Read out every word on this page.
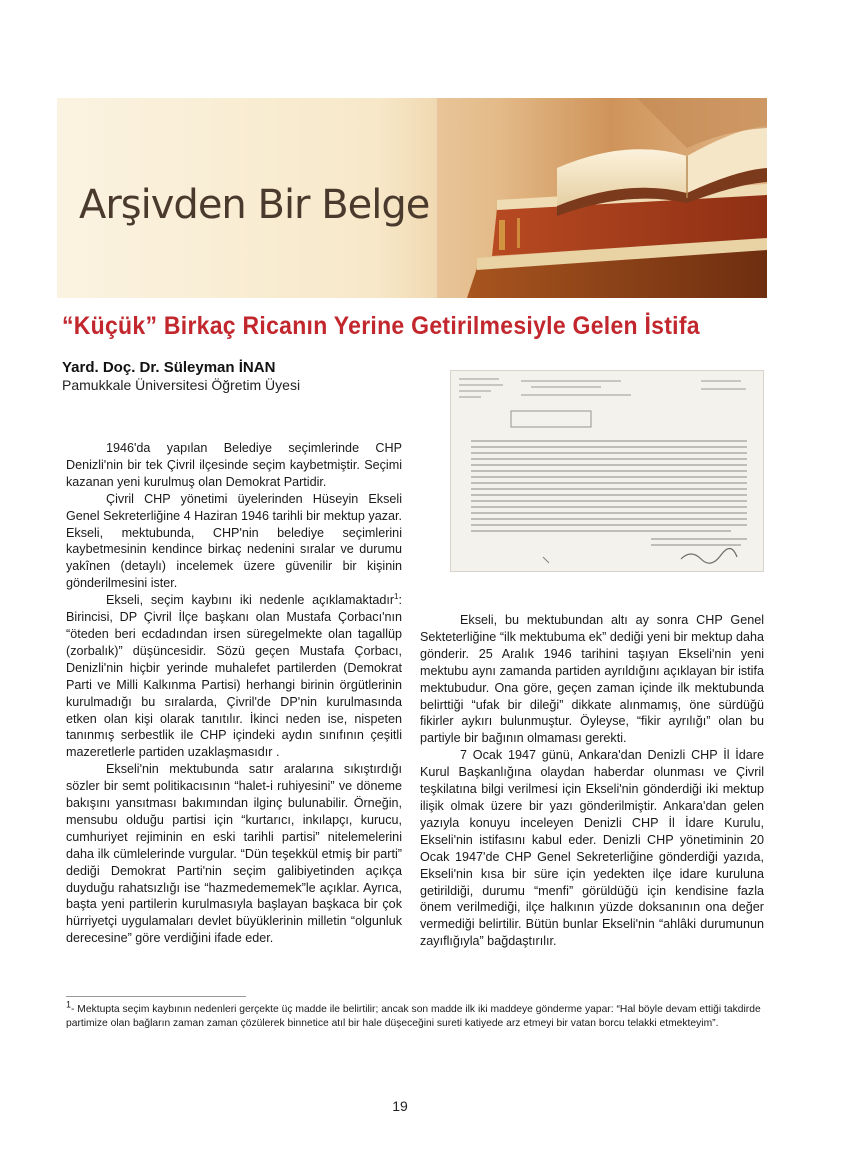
Arşivden Bir Belge
“Küçük” Birkaç Ricanın Yerine Getirilmesiyle Gelen İstifa
Yard. Doç. Dr. Süleyman İNAN
Pamukkale Üniversitesi Öğretim Üyesi

1946'da yapılan Belediye seçimlerinde CHP Denizli'nin bir tek Çivril ilçesinde seçim kaybetmiştir. Seçimi kazanan yeni kurulmuş olan Demokrat Partidir.

Çivril CHP yönetimi üyelerinden Hüseyin Ekseli Genel Sekreterliğine 4 Haziran 1946 tarihli bir mektup yazar. Ekseli, mektubunda, CHP'nin belediye seçimlerini kaybetmesinin kendince birkaç nedenini sıralar ve durumu yakînen (detaylı) incelemek üzere güvenilir bir kişinin gönderilmesini ister.

Ekseli, seçim kaybını iki nedenle açıklamaktadır$^1$: Birincisi, DP Çivril İlçe başkanı olan Mustafa Çorbacı'nın “öteden beri ecdadından irsen süregelmekte olan tagallüp (zorbalık)” düşüncesidir. Sözü geçen Mustafa Çorbacı, Denizli'nin hiçbir yerinde muhalefet partilerden (Demokrat Parti ve Milli Kalkınma Partisi) herhangi birinin örgütlerinin kurulmadığı bu sıralarda, Çivril'de DP'nin kurulmasında etken olan kişi olarak tanıtılır. İkinci neden ise, nispeten tanınmış serbestlik ile CHP içindeki aydın sınıfının çeşitli mazeretlerle partiden uzaklaşmasıdır .

Ekseli'nin mektubunda satır aralarına sıkıştırdığı sözler bir semt politikacısının “halet-i ruhiyesini” ve döneme bakışını yansıtması bakımından ilginç bulunabilir. Örneğin, mensubu olduğu partisi için “kurtarıcı, inkılapçı, kurucu, cumhuriyet rejiminin en eski tarihli partisi” nitelemelerini daha ilk cümlelerinde vurgular. “Dün teşekkül etmiş bir parti” dediği Demokrat Parti'nin seçim galibiyetinden açıkça duyduğu rahatsızlığı ise “hazmedememek”le açıklar. Ayrıca, başta yeni partilerin kurulmasıyla başlayan başkaca bir çok hürriyetçi uygulamaları devlet büyüklerinin milletin “olgunluk derecesine” göre verdiğini ifade eder.

Ekseli, bu mektubundan altı ay sonra CHP Genel Sekteterliğine “ilk mektubuma ek” dediği yeni bir mektup daha gönderir. 25 Aralık 1946 tarihini taşıyan Ekseli'nin yeni mektubu aynı zamanda partiden ayrıldığını açıklayan bir istifa mektubudur. Ona göre, geçen zaman içinde ilk mektubunda belirttiği “ufak bir dileği” dikkate alınmamış, öne sürdüğü fikirler aykırı bulunmuştur. Öyleyse, “fikir ayrılığı” olan bu partiyle bir bağının olmaması gerekti.

7 Ocak 1947 günü, Ankara'dan Denizli CHP İl İdare Kurul Başkanlığına olaydan haberdar olunması ve Çivril teşkilatına bilgi verilmesi için Ekseli'nin gönderdiği iki mektup ilişik olmak üzere bir yazı gönderilmiştir. Ankara'dan gelen yazıyla konuyu inceleyen Denizli CHP İl İdare Kurulu, Ekseli'nin istifasını kabul eder. Denizli CHP yönetiminin 20 Ocak 1947'de CHP Genel Sekreterliğine gönderdiği yazıda, Ekseli'nin kısa bir süre için yedekten ilçe idare kuruluna getirildiği, durumu “menfi” görüldüğü için kendisine fazla önem verilmediği, ilçe halkının yüzde doksanının ona değer vermediği belirtilir. Bütün bunlar Ekseli'nin “ahlâki durumunun zayıflığıyla” bağdaştırılır.

1- Mektupta seçim kaybının nedenleri gerçekte üç madde ile belirtilir; ancak son madde ilk iki maddeye gönderme yapar: “Hal böyle devam ettiği takdirde partimize olan bağların zaman zaman çözülerek binnetice atıl bir hale düşeceğini sureti katiyede arz etmeyi bir vatan borcu telakki etmekteyim”.
19
